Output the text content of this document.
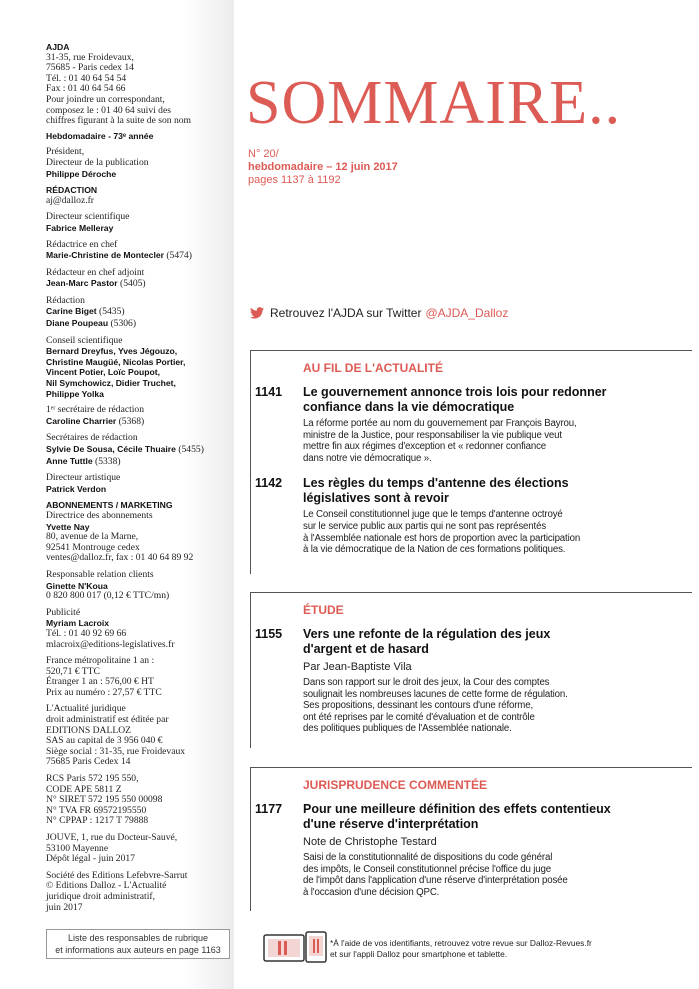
AJDA
31-35, rue Froidevaux,
75685 - Paris cedex 14
Tél. : 01 40 64 54 54
Fax : 01 40 64 54 66
Pour joindre un correspondant,
composez le : 01 40 64 suivi des
chiffres figurant à la suite de son nom
Hebdomadaire - 73ᵉ année
Président,
Directeur de la publication
Philippe Déroche
RÉDACTION
aj@dalloz.fr
Directeur scientifique
Fabrice Melleray
Rédactrice en chef
Marie-Christine de Montecler (5474)
Rédacteur en chef adjoint
Jean-Marc Pastor (5405)
Rédaction
Carine Biget (5435)
Diane Poupeau (5306)
Conseil scientifique
Bernard Dreyfus, Yves Jégouzo,
Christine Maugüé, Nicolas Portier,
Vincent Potier, Loïc Poupot,
Nil Symchowicz, Didier Truchet,
Philippe Yolka
1ᵉʳ secrétaire de rédaction
Caroline Charrier (5368)
Secrétaires de rédaction
Sylvie De Sousa, Cécile Thuaire (5455)
Anne Tuttle (5338)
Directeur artistique
Patrick Verdon
ABONNEMENTS / MARKETING
Directrice des abonnements
Yvette Nay
80, avenue de la Marne,
92541 Montrouge cedex
ventes@dalloz.fr, fax : 01 40 64 89 92
Responsable relation clients
Ginette N'Koua
0 820 800 017 (0,12 € TTC/mn)
Publicité
Myriam Lacroix
Tél. : 01 40 92 69 66
mlacroix@editions-legislatives.fr
France métropolitaine 1 an :
520,71 € TTC
Étranger 1 an : 576,00 € HT
Prix au numéro : 27,57 € TTC
L'Actualité juridique
droit administratif est éditée par
EDITIONS DALLOZ
SAS au capital de 3 956 040 €
Siège social : 31-35, rue Froidevaux
75685 Paris Cedex 14
RCS Paris 572 195 550,
CODE APE 5811 Z
N° SIRET 572 195 550 00098
N° TVA FR 69572195550
N° CPPAP : 1217 T 79888
JOUVE, 1, rue du Docteur-Sauvé,
53100 Mayenne
Dépôt légal - juin 2017
Société des Editions Lefebvre-Sarrut
© Editions Dalloz - L'Actualité
juridique droit administratif,
juin 2017
Liste des responsables de rubrique
et informations aux auteurs en page 1163
SOMMAIRE..
N° 20/
hebdomadaire – 12 juin 2017
pages 1137 à 1192
Retrouvez l'AJDA sur Twitter @AJDA_Dalloz
AU FIL DE L'ACTUALITÉ
1141	Le gouvernement annonce trois lois pour redonner
confiance dans la vie démocratique
La réforme portée au nom du gouvernement par François Bayrou,
ministre de la Justice, pour responsabiliser la vie publique veut
mettre fin aux régimes d'exception et « redonner confiance
dans notre vie démocratique ».
1142	Les règles du temps d'antenne des élections
législatives sont à revoir
Le Conseil constitutionnel juge que le temps d'antenne octroyé
sur le service public aux partis qui ne sont pas représentés
à l'Assemblée nationale est hors de proportion avec la participation
à la vie démocratique de la Nation de ces formations politiques.
ÉTUDE
1155	Vers une refonte de la régulation des jeux
d'argent et de hasard
Par Jean-Baptiste Vila
Dans son rapport sur le droit des jeux, la Cour des comptes
soulignait les nombreuses lacunes de cette forme de régulation.
Ses propositions, dessinant les contours d'une réforme,
ont été reprises par le comité d'évaluation et de contrôle
des politiques publiques de l'Assemblée nationale.
JURISPRUDENCE COMMENTÉE
1177	Pour une meilleure définition des effets contentieux
d'une réserve d'interprétation
Note de Christophe Testard
Saisi de la constitutionnalité de dispositions du code général
des impôts, le Conseil constitutionnel précise l'office du juge
de l'impôt dans l'application d'une réserve d'interprétation posée
à l'occasion d'une décision QPC.
*À l'aide de vos identifiants, retrouvez votre revue sur Dalloz-Revues.fr
et sur l'appli Dalloz pour smartphone et tablette.
